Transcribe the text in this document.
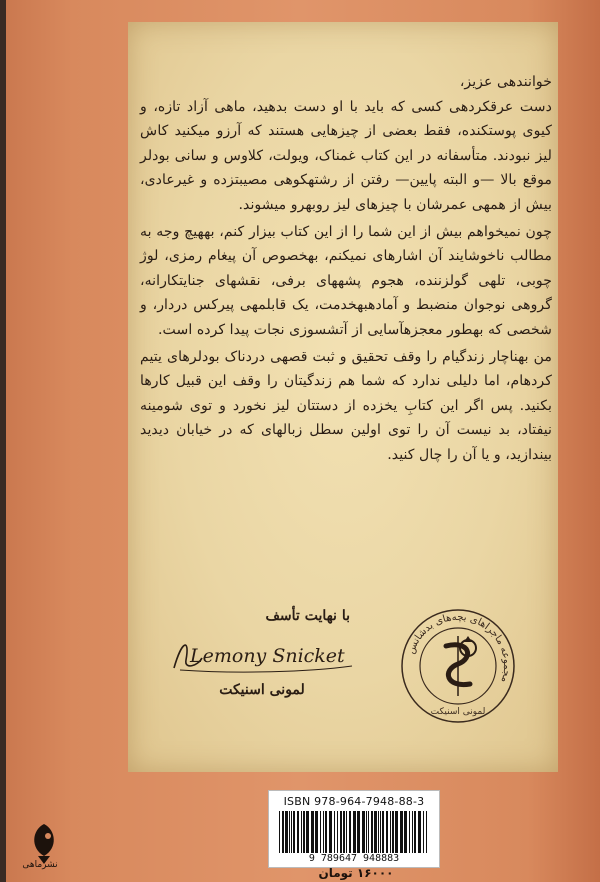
خوانندهی عزیز،

دست عرقکردهی کسی که باید با او دست بدهید، ماهی آزاد تازه، و کیوی پوستکنده، فقط بعضی از چیزهایی هستند که آرزو میکنید کاش لیز نبودند. متأسفانه در این کتاب غمناک، ویولت، کلاوس و سانی بودلر موقع بالا —و البته پایین— رفتن از رشتهکوهی مصیبتزده و غیرعادی، بیش از همهی عمرشان با چیزهای لیز روبهرو میشوند.

چون نمیخواهم بیش از این شما را از این کتاب بیزار کنم، بههیچ وجه به مطالب ناخوشایند آن اشارهای نمیکنم، بهخصوص آن پیغام رمزی، لوژ چوبی، تلهی گولزننده، هجوم پشههای برفی، نقشهای جنایتکارانه، گروهی نوجوان منضبط و آمادهبهخدمت، یک قابلمهی پیرکس دردار، و شخصی که بهطور معجزهآسایی از آتشسوزی نجات پیدا کرده است.

من بهناچار زندگیام را وقف تحقیق و ثبت قصهی دردناک بودلرهای یتیم کردهام، اما دلیلی ندارد که شما هم زندگیتان را وقف این قبیل کارها بکنید. پس اگر این کتابِ یخزده از دستتان لیز نخورد و توی شومینه نیفتاد، بد نیست آن را توی اولین سطل زبالهای که در خیابان دیدید بیندازید، و یا آن را چال کنید.

با نهایت تأسف
Lemony Snicket
لمونی اسنیکت
مجموعه ماجراهای بچه‌های بدشانس
لمونی اسنیکت
ISBN 978-964-7948-88-3
9 789647 948883
۱۶۰۰۰ تومان
نشرماهی
